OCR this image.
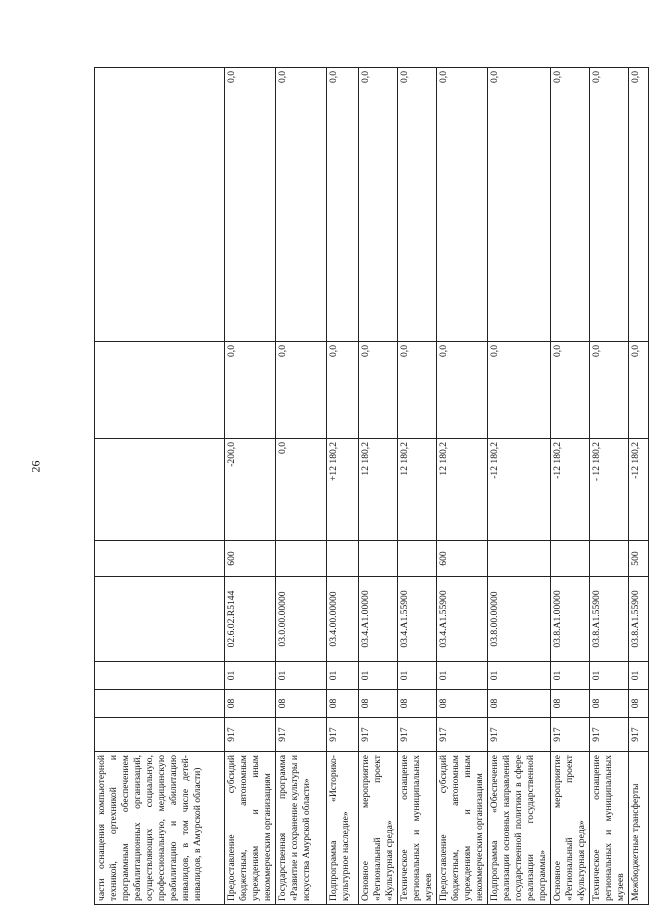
26
части оснащения компьютерной техникой, ортехникой и программным обеспечением реабилитационных организаций, осуществляющих социальную, профессиональную, медицинскую реабилитацию и абилитацию инвалидов, в том числе детей-инвалидов, в Амурской области)								
Предоставление субсидий бюджетным, автономным учреждениям и иным некоммерческим организациям	917	08	01	02.6.02.R5144	600	-200,0	0,0	0,0
Государственная программа «Развитие и сохранение культуры и искусства Амурской области»	917	08	01	03.0.00.00000		0,0	0,0	0,0
Подпрограмма «Историко-культурное наследие»	917	08	01	03.4.00.00000		+12 180,2	0,0	0,0
Основное мероприятие «Региональный проект «Культурная среда»	917	08	01	03.4.A1.00000		12 180,2	0,0	0,0
Техническое оснащение региональных и муниципальных музеев	917	08	01	03.4.A1.55900		12 180,2	0,0	0,0
Предоставление субсидий бюджетным, автономным учреждениям и иным некоммерческим организациям	917	08	01	03.4.A1.55900	600	12 180,2	0,0	0,0
Подпрограмма «Обеспечение реализации основных направлений государственной политики в сфере реализации государственной программы»	917	08	01	03.8.00.00000		-12 180,2	0,0	0,0
Основное мероприятие «Региональный проект «Культурная среда»	917	08	01	03.8.A1.00000		-12 180,2	0,0	0,0
Техническое оснащение региональных и муниципальных музеев	917	08	01	03.8.A1.55900		- 12 180,2	0,0	0,0
Межбюджетные трансферты	917	08	01	03.8.A1.55900	500	-12 180,2	0,0	0,0
